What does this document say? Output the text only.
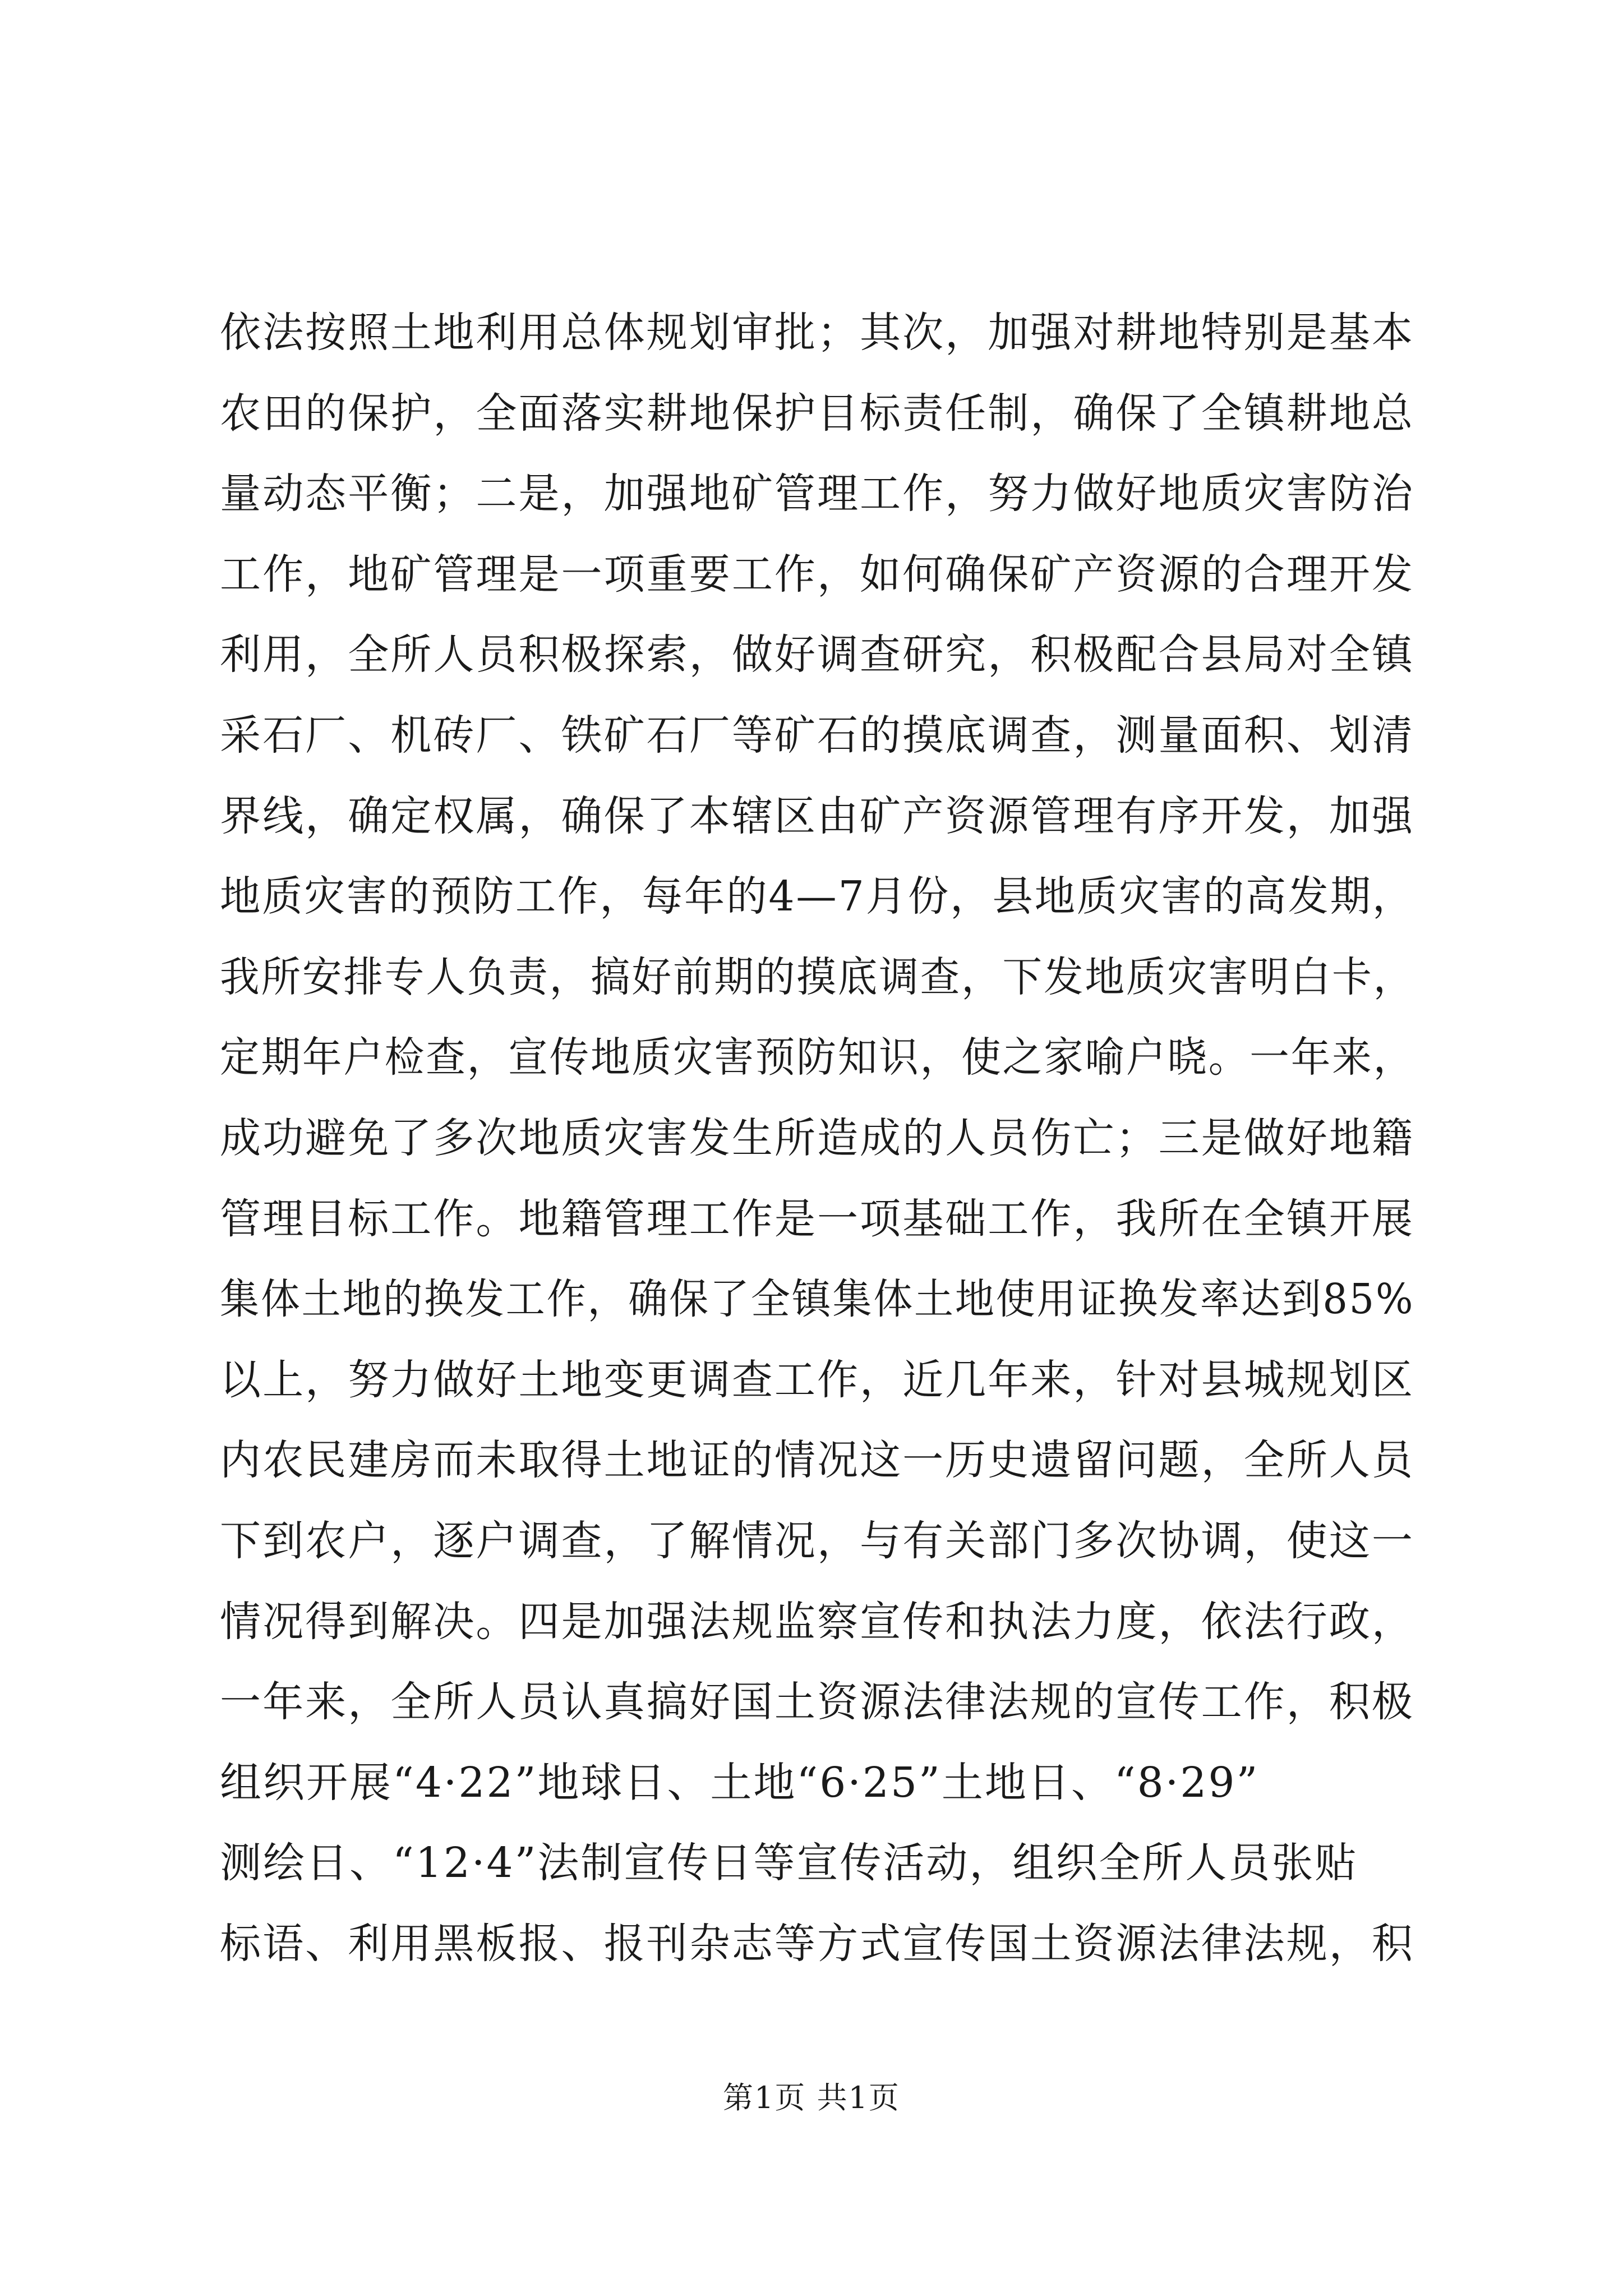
依法按照土地利用总体规划审批；其次，加强对耕地特别是基本
农田的保护，全面落实耕地保护目标责任制，确保了全镇耕地总
量动态平衡；二是，加强地矿管理工作，努力做好地质灾害防治
工作，地矿管理是一项重要工作，如何确保矿产资源的合理开发
利用，全所人员积极探索，做好调查研究，积极配合县局对全镇
采石厂、机砖厂、铁矿石厂等矿石的摸底调查，测量面积、划清
界线，确定权属，确保了本辖区由矿产资源管理有序开发，加强
地质灾害的预防工作，每年的4—7月份，县地质灾害的高发期，
我所安排专人负责，搞好前期的摸底调查，下发地质灾害明白卡，
定期年户检查，宣传地质灾害预防知识，使之家喻户晓。一年来，
成功避免了多次地质灾害发生所造成的人员伤亡；三是做好地籍
管理目标工作。地籍管理工作是一项基础工作，我所在全镇开展
集体土地的换发工作，确保了全镇集体土地使用证换发率达到85%
以上，努力做好土地变更调查工作，近几年来，针对县城规划区
内农民建房而未取得土地证的情况这一历史遗留问题，全所人员
下到农户，逐户调查，了解情况，与有关部门多次协调，使这一
情况得到解决。四是加强法规监察宣传和执法力度，依法行政，
一年来，全所人员认真搞好国土资源法律法规的宣传工作，积极
组织开展“4·22”地球日、土地“6·25”土地日、“8·29”
测绘日、“12·4”法制宣传日等宣传活动，组织全所人员张贴
标语、利用黑板报、报刊杂志等方式宣传国土资源法律法规，积
第1页 共1页
